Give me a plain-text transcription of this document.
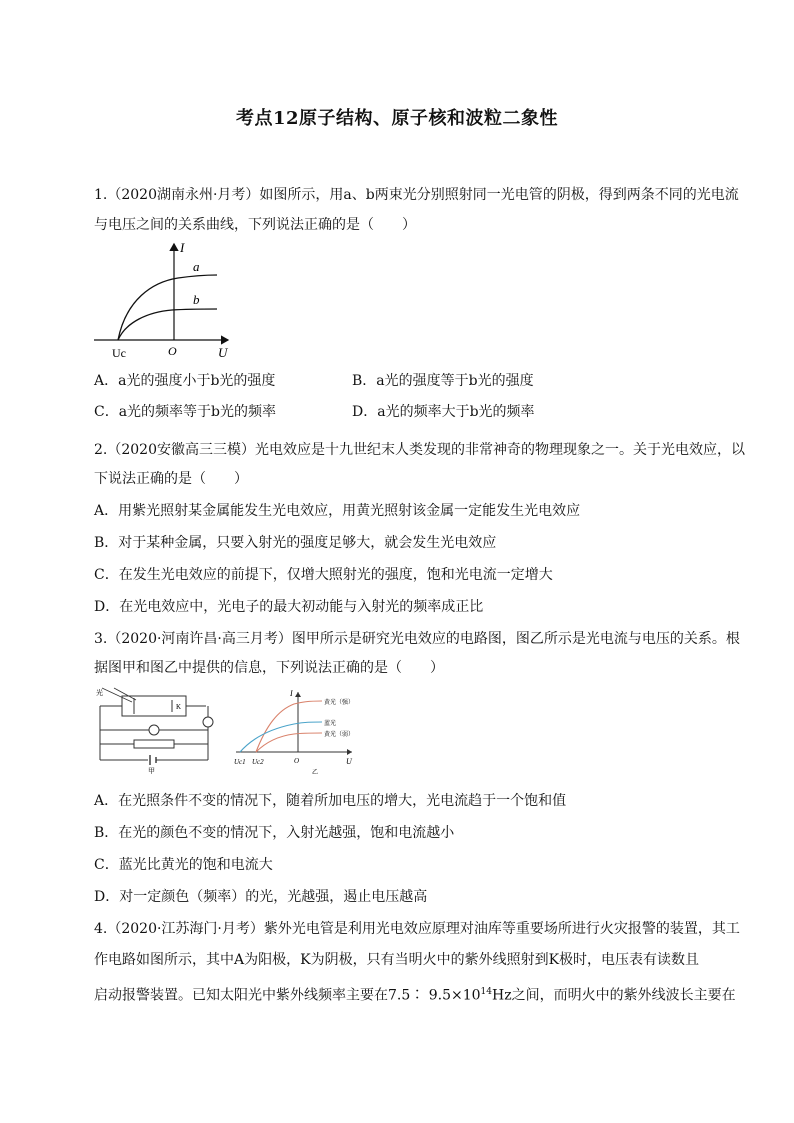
考点12原子结构、原子核和波粒二象性
1.（2020湖南永州·月考）如图所示，用a、b两束光分别照射同一光电管的阴极，得到两条不同的光电流
与电压之间的关系曲线，下列说法正确的是（　　）
I
a
b
Uc	O	U
A．a光的强度小于b光的强度	B．a光的强度等于b光的强度
C．a光的频率等于b光的频率	D．a光的频率大于b光的频率
2.（2020安徽高三三模）光电效应是十九世纪末人类发现的非常神奇的物理现象之一。关于光电效应，以
下说法正确的是（　　）
A．用紫光照射某金属能发生光电效应，用黄光照射该金属一定能发生光电效应
B．对于某种金属，只要入射光的强度足够大，就会发生光电效应
C．在发生光电效应的前提下，仅增大照射光的强度，饱和光电流一定增大
D．在光电效应中，光电子的最大初动能与入射光的频率成正比
3.（2020·河南许昌·高三月考）图甲所示是研究光电效应的电路图，图乙所示是光电流与电压的关系。根
据图甲和图乙中提供的信息，下列说法正确的是（　　）
K
光
甲
I
黄光（强）
蓝光
黄光（弱）
Uc1 Uc2	O	U
乙
A．在光照条件不变的情况下，随着所加电压的增大，光电流趋于一个饱和值
B．在光的颜色不变的情况下，入射光越强，饱和电流越小
C．蓝光比黄光的饱和电流大
D．对一定颜色（频率）的光，光越强，遏止电压越高
4.（2020·江苏海门·月考）紫外光电管是利用光电效应原理对油库等重要场所进行火灾报警的装置，其工
作电路如图所示，其中A为阳极，K为阴极，只有当明火中的紫外线照射到K极时，电压表有读数且
启动报警装置。已知太阳光中紫外线频率主要在7.5∶ $9.5\times 10^{14}Hz$之间，而明火中的紫外线波长主要在
